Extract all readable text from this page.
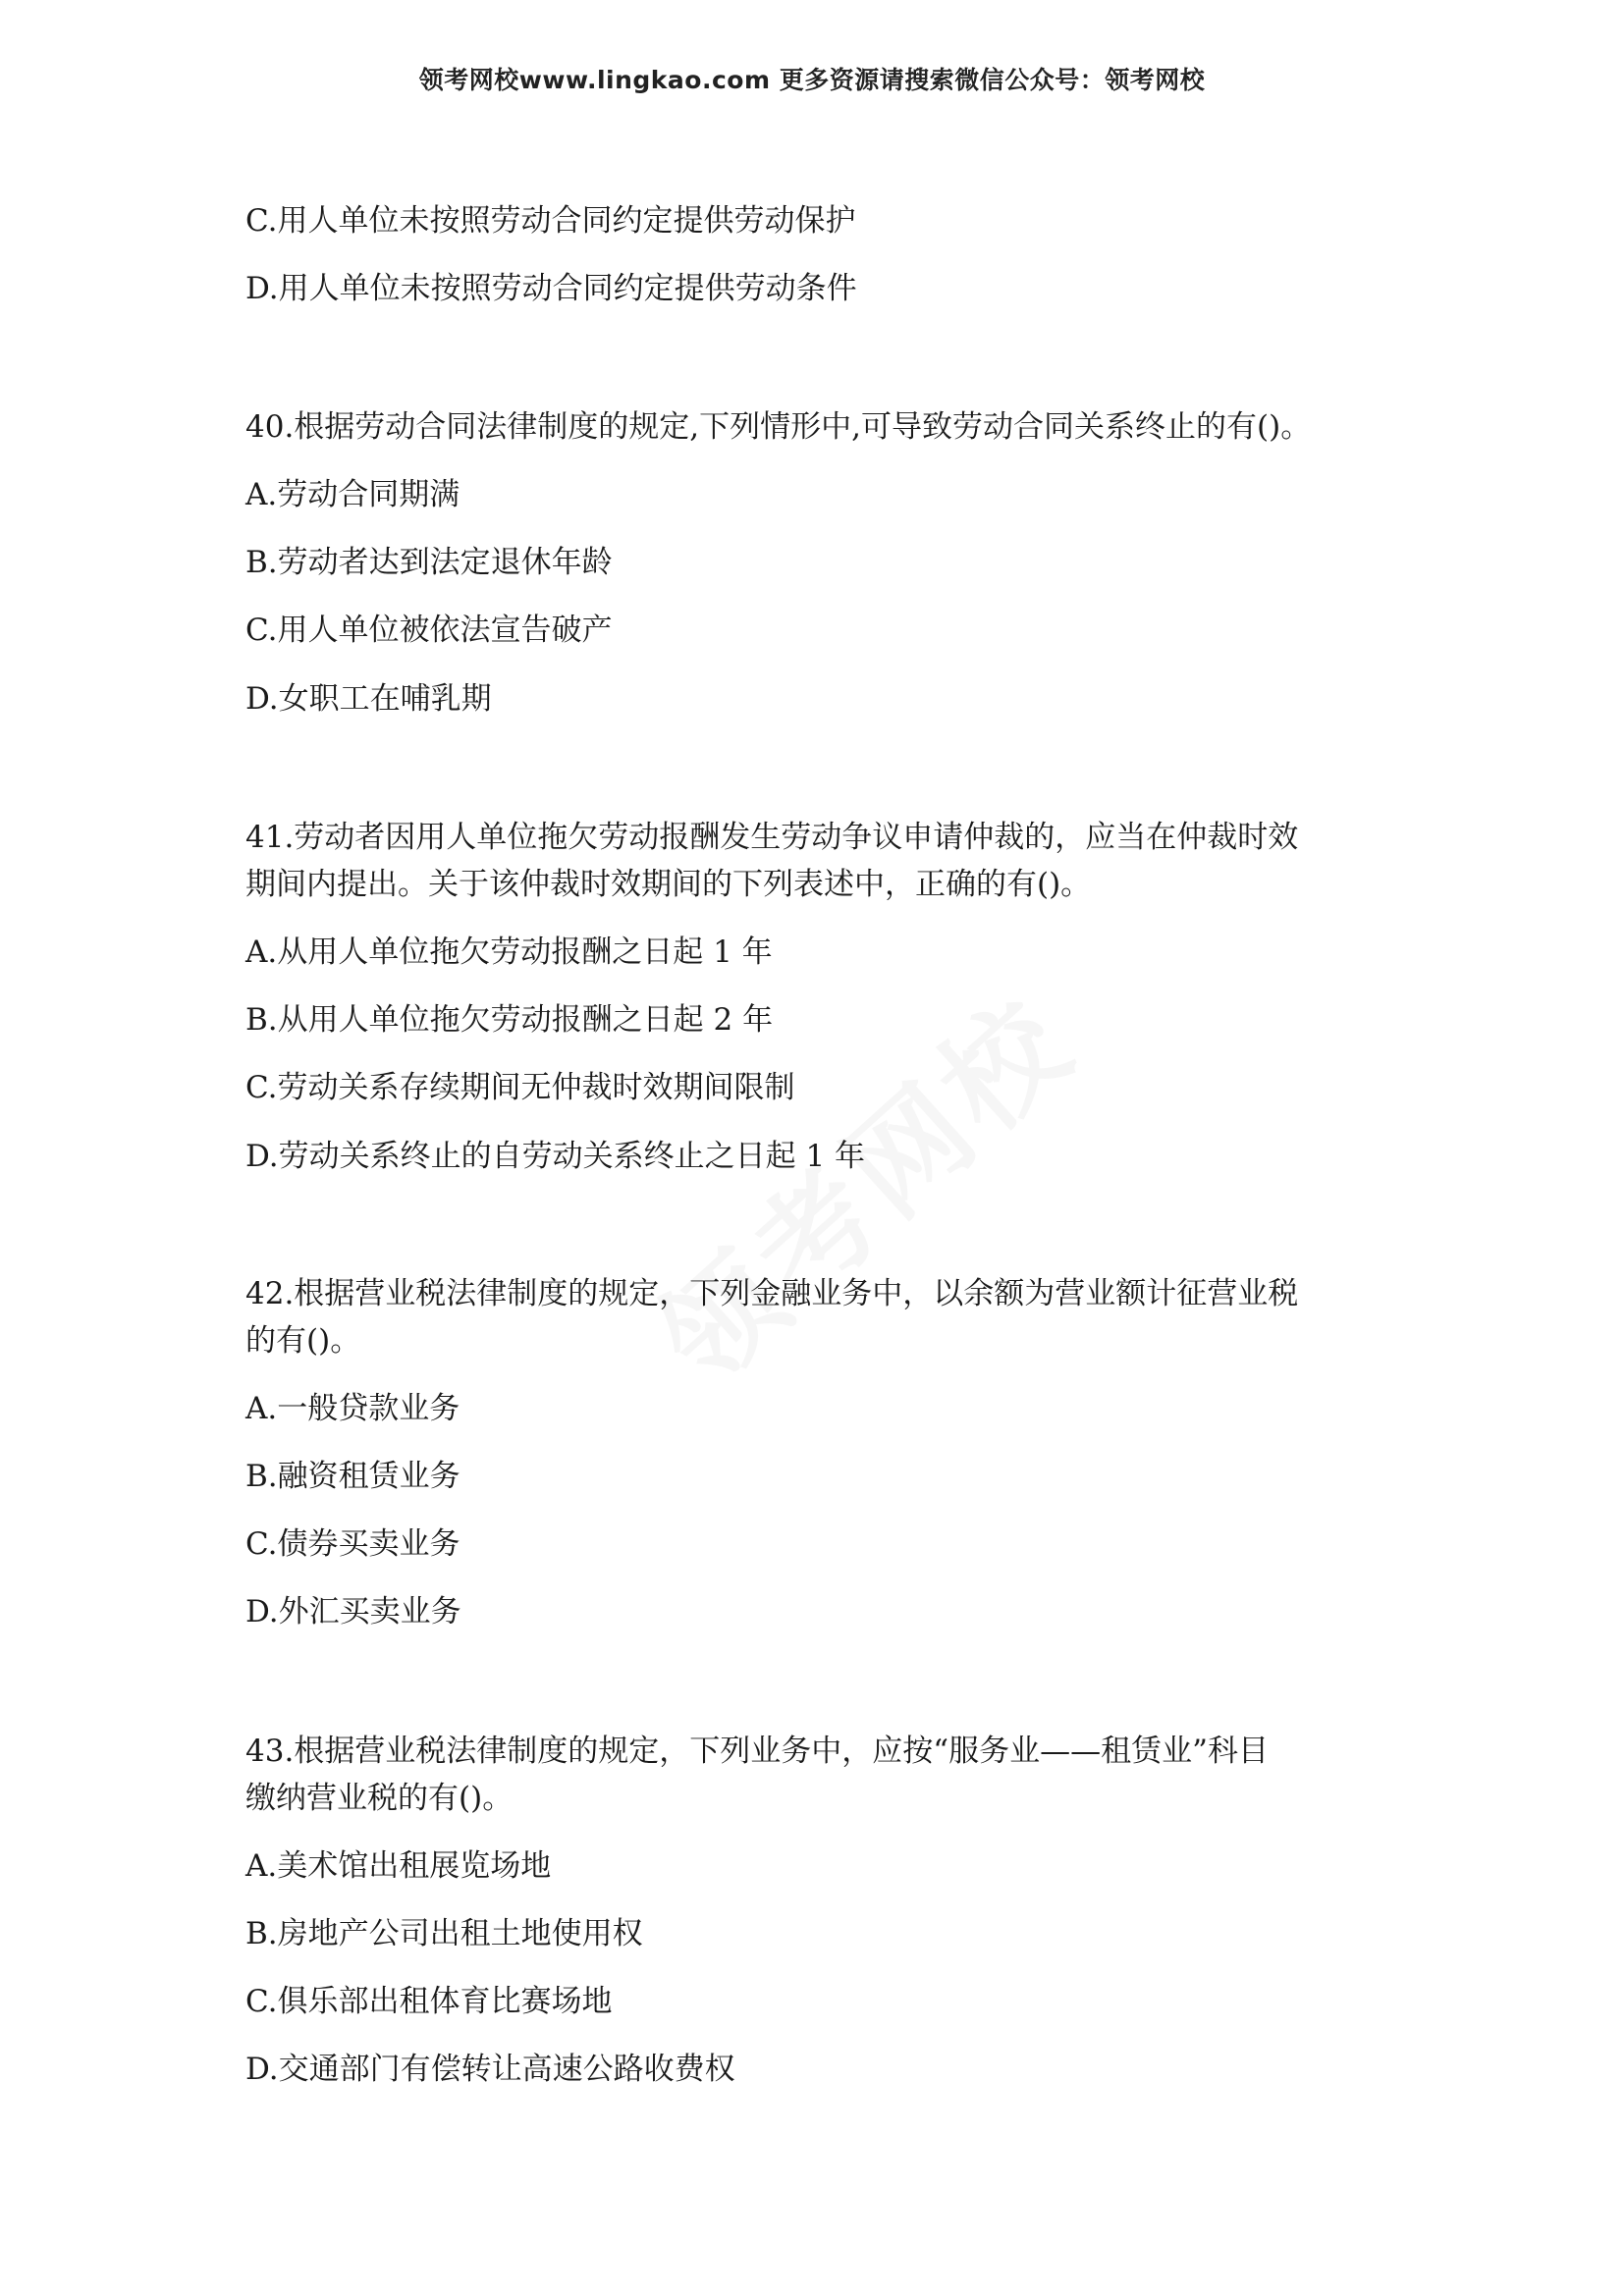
领考网校www.lingkao.com 更多资源请搜索微信公众号：领考网校
C.用人单位未按照劳动合同约定提供劳动保护
D.用人单位未按照劳动合同约定提供劳动条件
40.根据劳动合同法律制度的规定,下列情形中,可导致劳动合同关系终止的有()。
A.劳动合同期满
B.劳动者达到法定退休年龄
C.用人单位被依法宣告破产
D.女职工在哺乳期
41.劳动者因用人单位拖欠劳动报酬发生劳动争议申请仲裁的，应当在仲裁时效
期间内提出。关于该仲裁时效期间的下列表述中，正确的有()。
A.从用人单位拖欠劳动报酬之日起 1 年
B.从用人单位拖欠劳动报酬之日起 2 年
C.劳动关系存续期间无仲裁时效期间限制
D.劳动关系终止的自劳动关系终止之日起 1 年
42.根据营业税法律制度的规定，下列金融业务中，以余额为营业额计征营业税
的有()。
A.一般贷款业务
B.融资租赁业务
C.债券买卖业务
D.外汇买卖业务
43.根据营业税法律制度的规定，下列业务中，应按“服务业——租赁业”科目
缴纳营业税的有()。
A.美术馆出租展览场地
B.房地产公司出租土地使用权
C.俱乐部出租体育比赛场地
D.交通部门有偿转让高速公路收费权
